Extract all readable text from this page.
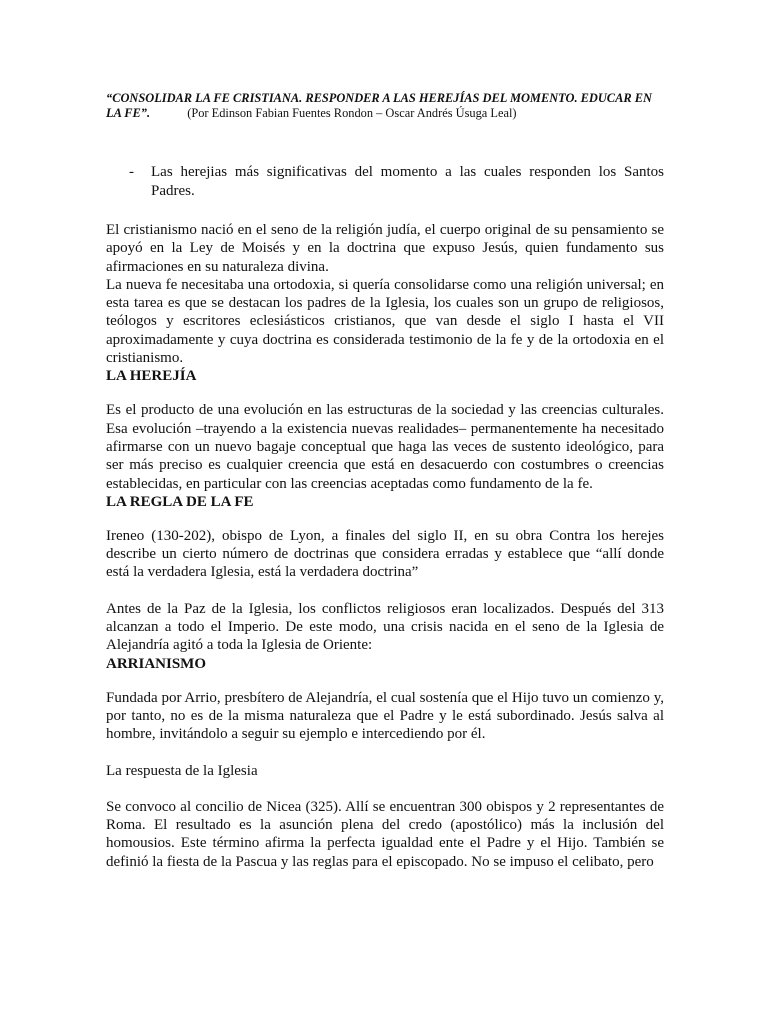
“CONSOLIDAR LA FE CRISTIANA. RESPONDER A LAS HEREJÍAS DEL MOMENTO. EDUCAR EN LA FE”.	(Por Edinson Fabian Fuentes Rondon – Oscar Andrés Úsuga Leal)

- Las herejias más significativas del momento a las cuales responden los Santos Padres.

El cristianismo nació en el seno de la religión judía, el cuerpo original de su pensamiento se apoyó en la Ley de Moisés y en la doctrina que expuso Jesús, quien fundamento sus afirmaciones en su naturaleza divina.

La nueva fe necesitaba una ortodoxia, si quería consolidarse como una religión universal; en esta tarea es que se destacan los padres de la Iglesia, los cuales son un grupo de religiosos, teólogos y escritores eclesiásticos cristianos, que van desde el siglo I hasta el VII aproximadamente y cuya doctrina es considerada testimonio de la fe y de la ortodoxia en el cristianismo.

LA HEREJÍA

Es el producto de una evolución en las estructuras de la sociedad y las creencias culturales. Esa evolución –trayendo a la existencia nuevas realidades– permanentemente ha necesitado afirmarse con un nuevo bagaje conceptual que haga las veces de sustento ideológico, para ser más preciso es cualquier creencia que está en desacuerdo con costumbres o creencias establecidas, en particular con las creencias aceptadas como fundamento de la fe.

LA REGLA DE LA FE

Ireneo (130-202), obispo de Lyon, a finales del siglo II, en su obra Contra los herejes describe un cierto número de doctrinas que considera erradas y establece que “allí donde está la verdadera Iglesia, está la verdadera doctrina”

Antes de la Paz de la Iglesia, los conflictos religiosos eran localizados. Después del 313 alcanzan a todo el Imperio. De este modo, una crisis nacida en el seno de la Iglesia de Alejandría agitó a toda la Iglesia de Oriente:

ARRIANISMO

Fundada por Arrio, presbítero de Alejandría, el cual sostenía que el Hijo tuvo un comienzo y, por tanto, no es de la misma naturaleza que el Padre y le está subordinado. Jesús salva al hombre, invitándolo a seguir su ejemplo e intercediendo por él.

La respuesta de la Iglesia

Se convoco al concilio de Nicea (325). Allí se encuentran 300 obispos y 2 representantes de Roma. El resultado es la asunción plena del credo (apostólico) más la inclusión del homousios. Este término afirma la perfecta igualdad ente el Padre y el Hijo. También se definió la fiesta de la Pascua y las reglas para el episcopado. No se impuso el celibato, pero
